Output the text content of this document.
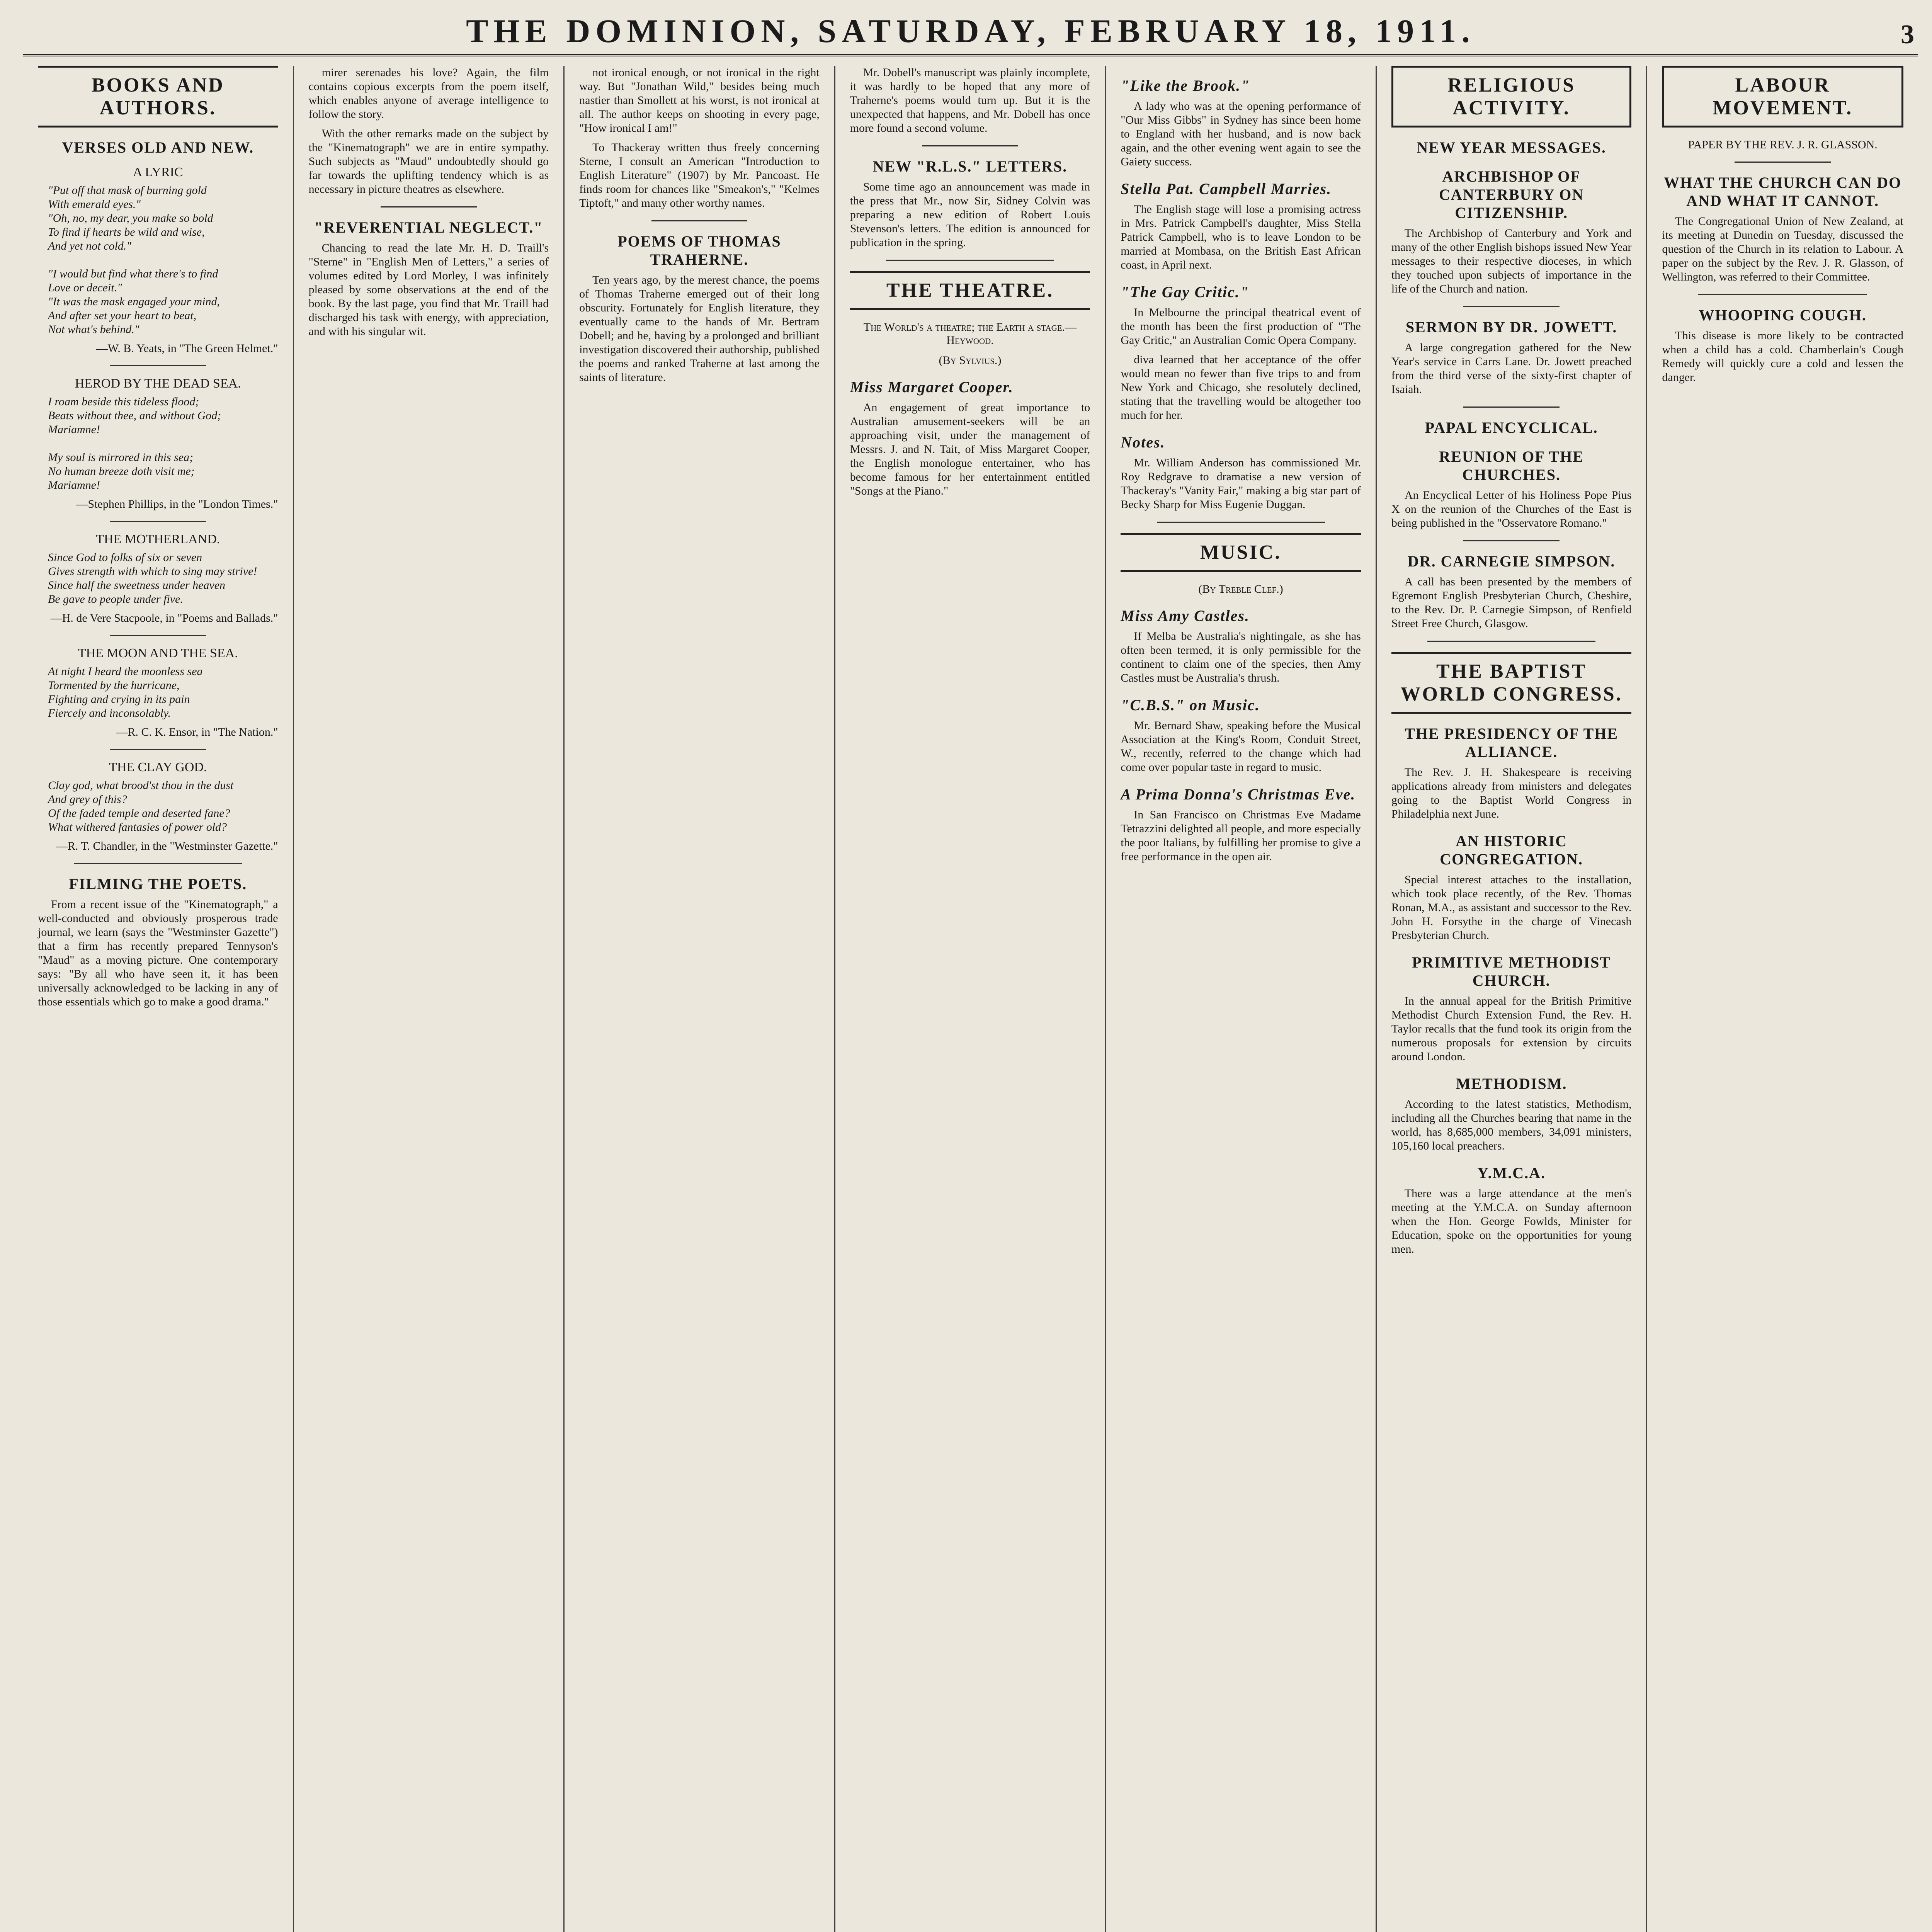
THE DOMINION, SATURDAY, FEBRUARY 18, 1911.	3
BOOKS AND AUTHORS.
VERSES OLD AND NEW.
A LYRIC
"Put off that mask of burning gold
With emerald eyes."
"Oh, no, my dear, you make so bold
To find if hearts be wild and wise,
And yet not cold."

"I would but find what there's to find
Love or deceit."
"It was the mask engaged your mind,
And after set your heart to beat,
Not what's behind."
—W. B. Yeats, in "The Green Helmet."
HEROD BY THE DEAD SEA.
I roam beside this tideless flood;
Beats without thee, and without God;
Mariamne!

My soul is mirrored in this sea;
No human breeze doth visit me;
Mariamne!
—Stephen Phillips, in the "London Times."
THE MOTHERLAND.
Since God to folks of six or seven
Gives strength with which to sing may strive!
Since half the sweetness under heaven
Be gave to people under five.
—H. de Vere Stacpoole, in "Poems and Ballads."
THE MOON AND THE SEA.
At night I heard the moonless sea
Tormented by the hurricane,
Fighting and crying in its pain
Fiercely and inconsolably.
—R. C. K. Ensor, in "The Nation."
THE CLAY GOD.
Clay god, what brood'st thou in the dust
And grey of this?
Of the faded temple and deserted fane?
What withered fantasies of power old?
—R. T. Chandler, in the "Westminster Gazette."
FILMING THE POETS.

From a recent issue of the "Kinematograph," a well-conducted and obviously prosperous trade journal, we learn (says the "Westminster Gazette") that a firm has recently prepared Tennyson's "Maud" as a moving picture. One contemporary says: "By all who have seen it, it has been universally acknowledged to be lacking in any of those essentials which go to make a good drama."

mirer serenades his love? Again, the film contains copious excerpts from the poem itself, which enables anyone of average intelligence to follow the story.

With the other remarks made on the subject by the "Kinematograph" we are in entire sympathy. Such subjects as "Maud" undoubtedly should go far towards the uplifting tendency which is as necessary in picture theatres as elsewhere.

"REVERENTIAL NEGLECT."

Chancing to read the late Mr. H. D. Traill's "Sterne" in "English Men of Letters," a series of volumes edited by Lord Morley, I was infinitely pleased by some observations at the end of the book. By the last page, you find that Mr. Traill had discharged his task with energy, with appreciation, and with his singular wit.

not ironical enough, or not ironical in the right way. But "Jonathan Wild," besides being much nastier than Smollett at his worst, is not ironical at all. The author keeps on shooting in every page, "How ironical I am!"

To Thackeray written thus freely concerning Sterne, I consult an American "Introduction to English Literature" (1907) by Mr. Pancoast. He finds room for chances like "Smeakon's," "Kelmes Tiptoft," and many other worthy names.

POEMS OF THOMAS TRAHERNE.

Ten years ago, by the merest chance, the poems of Thomas Traherne emerged out of their long obscurity. Fortunately for English literature, they eventually came to the hands of Mr. Bertram Dobell; and he, having by a prolonged and brilliant investigation discovered their authorship, published the poems and ranked Traherne at last among the saints of literature.

Mr. Dobell's manuscript was plainly incomplete, it was hardly to be hoped that any more of Traherne's poems would turn up. But it is the unexpected that happens, and Mr. Dobell has once more found a second volume.

NEW "R.L.S." LETTERS.

Some time ago an announcement was made in the press that Mr., now Sir, Sidney Colvin was preparing a new edition of Robert Louis Stevenson's letters. The edition is announced for publication in the spring.

THE THEATRE.
The World's a theatre; the Earth a stage.—Heywood.
(By Sylvius.)
Miss Margaret Cooper.

An engagement of great importance to Australian amusement-seekers will be an approaching visit, under the management of Messrs. J. and N. Tait, of Miss Margaret Cooper, the English monologue entertainer, who has become famous for her entertainment entitled "Songs at the Piano."

"Like the Brook."

A lady who was at the opening performance of "Our Miss Gibbs" in Sydney has since been home to England with her husband, and is now back again, and the other evening went again to see the Gaiety success.

Stella Pat. Campbell Marries.

The English stage will lose a promising actress in Mrs. Patrick Campbell's daughter, Miss Stella Patrick Campbell, who is to leave London to be married at Mombasa, on the British East African coast, in April next.

"The Gay Critic."

In Melbourne the principal theatrical event of the month has been the first production of "The Gay Critic," an Australian Comic Opera Company.

diva learned that her acceptance of the offer would mean no fewer than five trips to and from New York and Chicago, she resolutely declined, stating that the travelling would be altogether too much for her.

Notes.

Mr. William Anderson has commissioned Mr. Roy Redgrave to dramatise a new version of Thackeray's "Vanity Fair," making a big star part of Becky Sharp for Miss Eugenie Duggan.

MUSIC.
(By Treble Clef.)
Miss Amy Castles.

If Melba be Australia's nightingale, as she has often been termed, it is only permissible for the continent to claim one of the species, then Amy Castles must be Australia's thrush.

"C.B.S." on Music.

Mr. Bernard Shaw, speaking before the Musical Association at the King's Room, Conduit Street, W., recently, referred to the change which had come over popular taste in regard to music.

A Prima Donna's Christmas Eve.

In San Francisco on Christmas Eve Madame Tetrazzini delighted all people, and more especially the poor Italians, by fulfilling her promise to give a free performance in the open air.

RELIGIOUS ACTIVITY.
NEW YEAR MESSAGES.
ARCHBISHOP OF CANTERBURY ON CITIZENSHIP.

The Archbishop of Canterbury and York and many of the other English bishops issued New Year messages to their respective dioceses, in which they touched upon subjects of importance in the life of the Church and nation.

SERMON BY DR. JOWETT.

A large congregation gathered for the New Year's service in Carrs Lane. Dr. Jowett preached from the third verse of the sixty-first chapter of Isaiah.

PAPAL ENCYCLICAL.
REUNION OF THE CHURCHES.

An Encyclical Letter of his Holiness Pope Pius X on the reunion of the Churches of the East is being published in the "Osservatore Romano."

DR. CARNEGIE SIMPSON.

A call has been presented by the members of Egremont English Presbyterian Church, Cheshire, to the Rev. Dr. P. Carnegie Simpson, of Renfield Street Free Church, Glasgow.

THE BAPTIST WORLD CONGRESS.
THE PRESIDENCY OF THE ALLIANCE.

The Rev. J. H. Shakespeare is receiving applications already from ministers and delegates going to the Baptist World Congress in Philadelphia next June.

AN HISTORIC CONGREGATION.

Special interest attaches to the installation, which took place recently, of the Rev. Thomas Ronan, M.A., as assistant and successor to the Rev. John H. Forsythe in the charge of Vinecash Presbyterian Church.

PRIMITIVE METHODIST CHURCH.

In the annual appeal for the British Primitive Methodist Church Extension Fund, the Rev. H. Taylor recalls that the fund took its origin from the numerous proposals for extension by circuits around London.

METHODISM.

According to the latest statistics, Methodism, including all the Churches bearing that name in the world, has 8,685,000 members, 34,091 ministers, 105,160 local preachers.

Y.M.C.A.

There was a large attendance at the men's meeting at the Y.M.C.A. on Sunday afternoon when the Hon. George Fowlds, Minister for Education, spoke on the opportunities for young men.

LABOUR MOVEMENT.
PAPER BY THE REV. J. R. GLASSON.
WHAT THE CHURCH CAN DO AND WHAT IT CANNOT.

The Congregational Union of New Zealand, at its meeting at Dunedin on Tuesday, discussed the question of the Church in its relation to Labour. A paper on the subject by the Rev. J. R. Glasson, of Wellington, was referred to their Committee.

WHOOPING COUGH.

This disease is more likely to be contracted when a child has a cold. Chamberlain's Cough Remedy will quickly cure a cold and lessen the danger.
